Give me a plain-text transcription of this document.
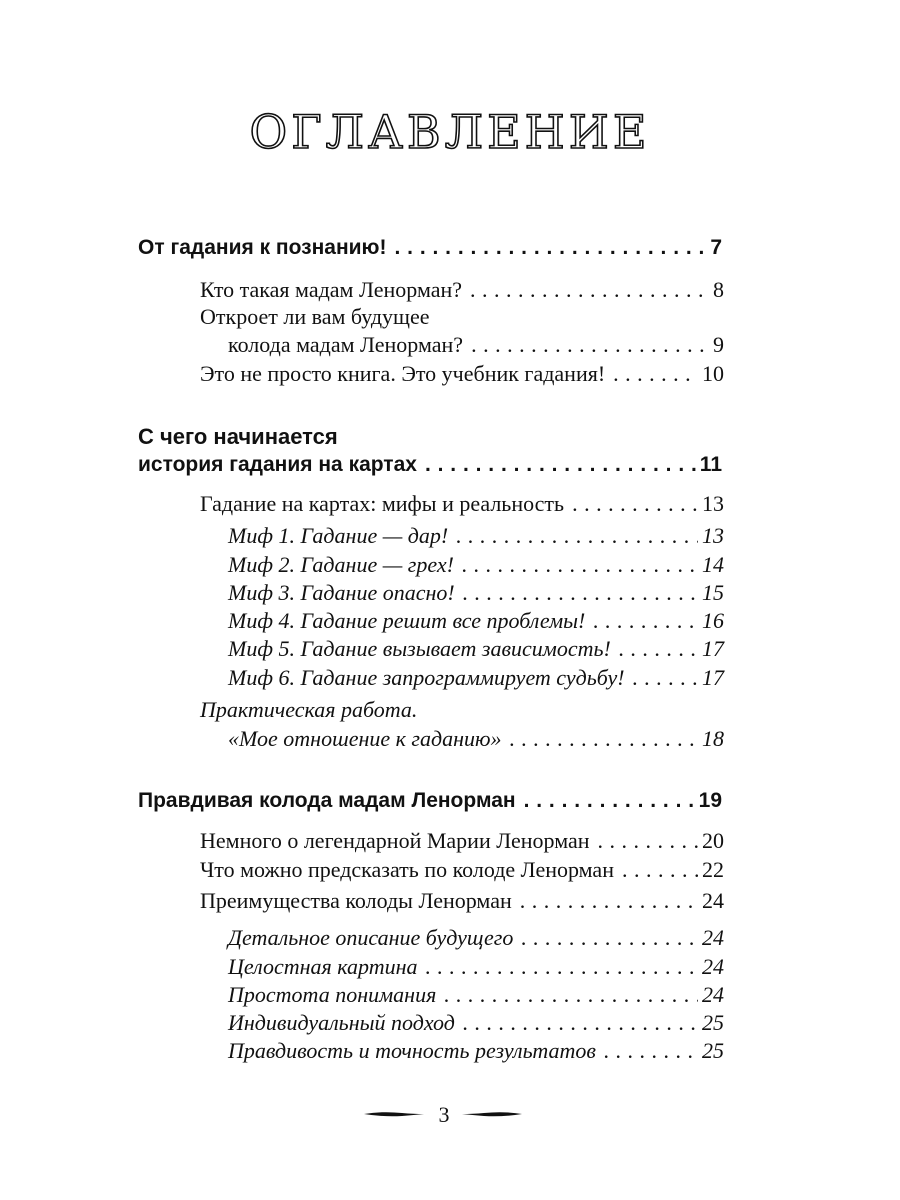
ОГЛАВЛЕНИЕ
От гадания к познанию! . . .	7
Кто такая мадам Ленорман? . . .	8
Откроет ли вам будущее
колода мадам Ленорман? . . .	9
Это не просто книга. Это учебник гадания! . . .	10
С чего начинается
история гадания на картах . . .	11
Гадание на картах: мифы и реальность . . .	13
Миф 1. Гадание — дар! . . .	13
Миф 2. Гадание — грех! . . .	14
Миф 3. Гадание опасно! . . .	15
Миф 4. Гадание решит все проблемы! . . .	16
Миф 5. Гадание вызывает зависимость! . . .	17
Миф 6. Гадание запрограммирует судьбу! . . .	17
Практическая работа.
«Мое отношение к гаданию» . . .	18
Правдивая колода мадам Ленорман . . .	19
Немного о легендарной Марии Ленорман . . .	20
Что можно предсказать по колоде Ленорман . . .	22
Преимущества колоды Ленорман . . .	24
Детальное описание будущего . . .	24
Целостная картина . . .	24
Простота понимания . . .	24
Индивидуальный подход . . .	25
Правдивость и точность результатов . . .	25
3
